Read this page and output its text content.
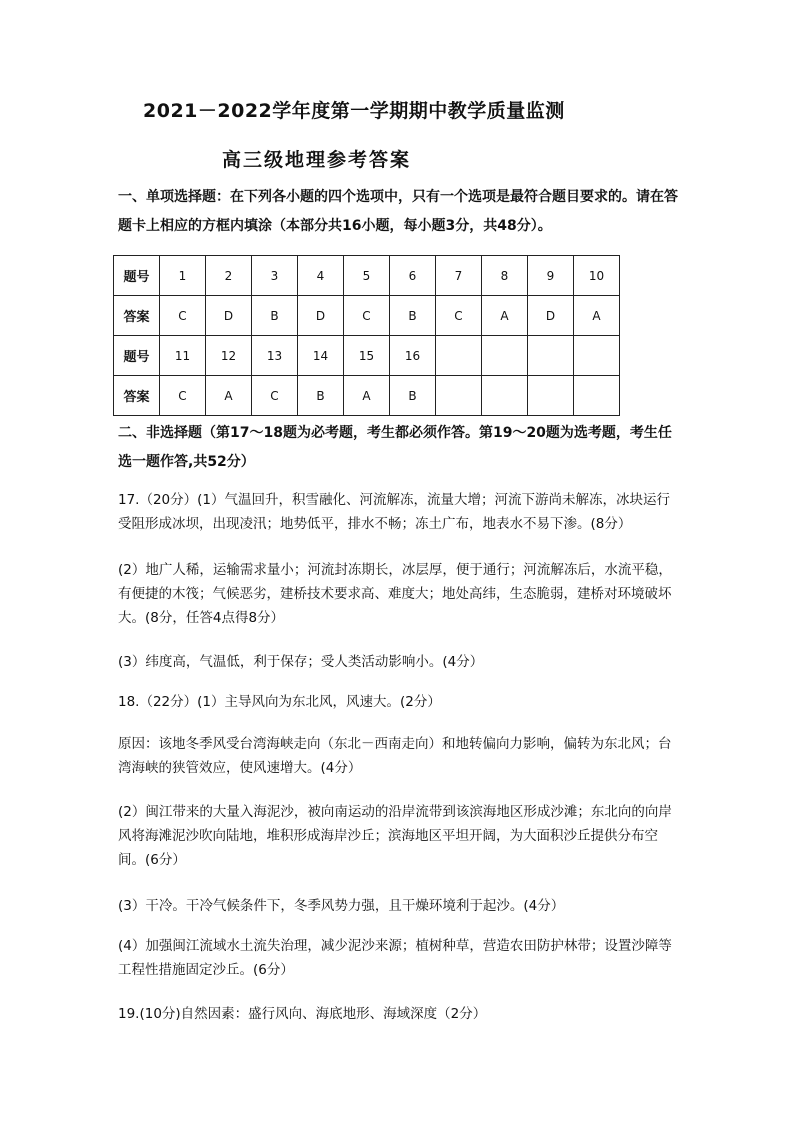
2021－2022学年度第一学期期中教学质量监测
高三级地理参考答案
一、单项选择题：在下列各小题的四个选项中，只有一个选项是最符合题目要求的。请在答题卡上相应的方框内填涂（本部分共16小题，每小题3分，共48分）。
题号	1	2	3	4	5	6	7	8	9	10
答案	C	D	B	D	C	B	C	A	D	A
题号	11	12	13	14	15	16				
答案	C	A	C	B	A	B				
二、非选择题（第17～18题为必考题，考生都必须作答。第19～20题为选考题，考生任选一题作答,共52分）
17.（20分）(1）气温回升，积雪融化、河流解冻，流量大增；河流下游尚未解冻，冰块运行受阻形成冰坝，出现凌汛；地势低平，排水不畅；冻土广布，地表水不易下渗。(8分）
(2）地广人稀，运输需求量小；河流封冻期长，冰层厚，便于通行；河流解冻后，水流平稳，有便捷的木筏；气候恶劣，建桥技术要求高、难度大；地处高纬，生态脆弱，建桥对环境破坏大。(8分，任答4点得8分）
(3）纬度高，气温低，利于保存；受人类活动影响小。(4分）
18.（22分）(1）主导风向为东北风，风速大。(2分）
原因：该地冬季风受台湾海峡走向（东北－西南走向）和地转偏向力影响，偏转为东北风；台湾海峡的狭管效应，使风速增大。(4分）
(2）闽江带来的大量入海泥沙，被向南运动的沿岸流带到该滨海地区形成沙滩；东北向的向岸风将海滩泥沙吹向陆地，堆积形成海岸沙丘；滨海地区平坦开阔，为大面积沙丘提供分布空间。(6分）
(3）干冷。干冷气候条件下，冬季风势力强，且干燥环境利于起沙。(4分）
(4）加强闽江流域水土流失治理，减少泥沙来源；植树种草，营造农田防护林带；设置沙障等工程性措施固定沙丘。(6分）
19.(10分)自然因素：盛行风向、海底地形、海域深度（2分）
